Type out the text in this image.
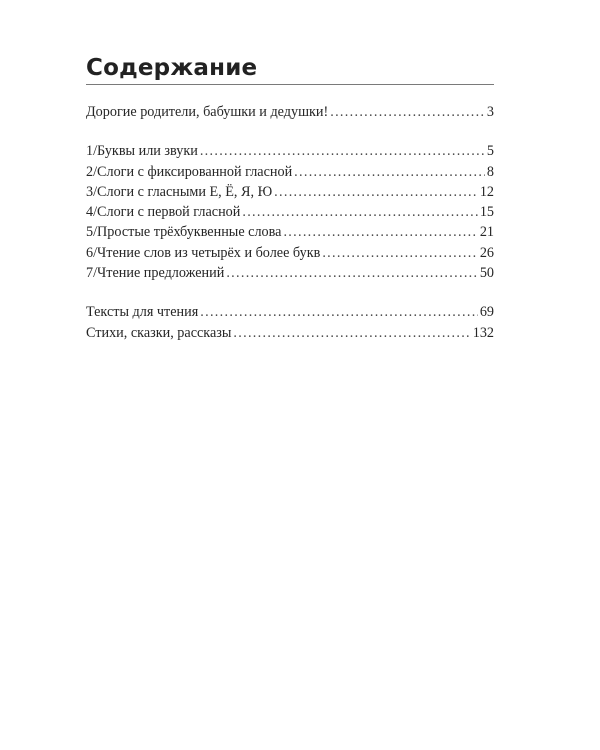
Содержание
Дорогие родители, бабушки и дедушки! .....	3
1/ Буквы или звуки .....	5
2/ Слоги с фиксированной гласной .....	8
3/ Слоги с гласными Е, Ё, Я, Ю .....	12
4/ Слоги с первой гласной .....	15
5/ Простые трёхбуквенные слова .....	21
6/ Чтение слов из четырёх и более букв .....	26
7/ Чтение предложений .....	50
Тексты для чтения .....	69
Стихи, сказки, рассказы .....	132
